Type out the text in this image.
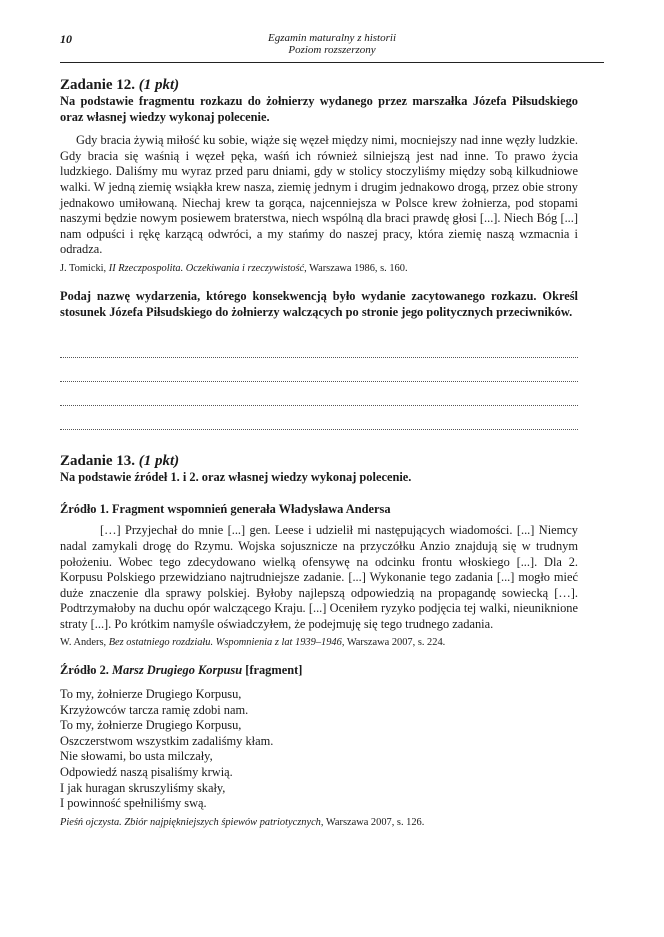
10	Egzamin maturalny z historii
Poziom rozszerzony

Zadanie 12. (1 pkt)

Na podstawie fragmentu rozkazu do żołnierzy wydanego przez marszałka Józefa Piłsudskiego oraz własnej wiedzy wykonaj polecenie.

Gdy bracia żywią miłość ku sobie, wiąże się węzeł między nimi, mocniejszy nad inne węzły ludzkie. Gdy bracia się waśnią i węzeł pęka, waśń ich również silniejszą jest nad inne. To prawo życia ludzkiego. Daliśmy mu wyraz przed paru dniami, gdy w stolicy stoczyliśmy między sobą kilkudniowe walki. W jedną ziemię wsiąkła krew nasza, ziemię jednym i drugim jednakowo drogą, przez obie strony jednakowo umiłowaną. Niechaj krew ta gorąca, najcenniejsza w Polsce krew żołnierza, pod stopami naszymi będzie nowym posiewem braterstwa, niech wspólną dla braci prawdę głosi [...]. Niech Bóg [...] nam odpuści i rękę karzącą odwróci, a my stańmy do naszej pracy, która ziemię naszą wzmacnia i odradza.

J. Tomicki, II Rzeczpospolita. Oczekiwania i rzeczywistość, Warszawa 1986, s. 160.

Podaj nazwę wydarzenia, którego konsekwencją było wydanie zacytowanego rozkazu. Określ stosunek Józefa Piłsudskiego do żołnierzy walczących po stronie jego politycznych przeciwników.

Zadanie 13. (1 pkt)

Na podstawie źródeł 1. i 2. oraz własnej wiedzy wykonaj polecenie.

Źródło 1. Fragment wspomnień generała Władysława Andersa

[…] Przyjechał do mnie [...] gen. Leese i udzielił mi następujących wiadomości. [...] Niemcy nadal zamykali drogę do Rzymu. Wojska sojusznicze na przyczółku Anzio znajdują się w trudnym położeniu. Wobec tego zdecydowano wielką ofensywę na odcinku frontu włoskiego [...]. Dla 2. Korpusu Polskiego przewidziano najtrudniejsze zadanie. [...] Wykonanie tego zadania [...] mogło mieć duże znaczenie dla sprawy polskiej. Byłoby najlepszą odpowiedzią na propagandę sowiecką […]. Podtrzymałoby na duchu opór walczącego Kraju. [...] Oceniłem ryzyko podjęcia tej walki, nieuniknione straty [...]. Po krótkim namyśle oświadczyłem, że podejmuję się tego trudnego zadania.

W. Anders, Bez ostatniego rozdziału. Wspomnienia z lat 1939–1946, Warszawa 2007, s. 224.

Źródło 2. Marsz Drugiego Korpusu [fragment]

To my, żołnierze Drugiego Korpusu,
Krzyżowców tarcza ramię zdobi nam.
To my, żołnierze Drugiego Korpusu,
Oszczerstwom wszystkim zadaliśmy kłam.
Nie słowami, bo usta milczały,
Odpowiedź naszą pisaliśmy krwią.
I jak huragan skruszyliśmy skały,
I powinność spełniliśmy swą.

Pieśń ojczysta. Zbiór najpiękniejszych śpiewów patriotycznych, Warszawa 2007, s. 126.
